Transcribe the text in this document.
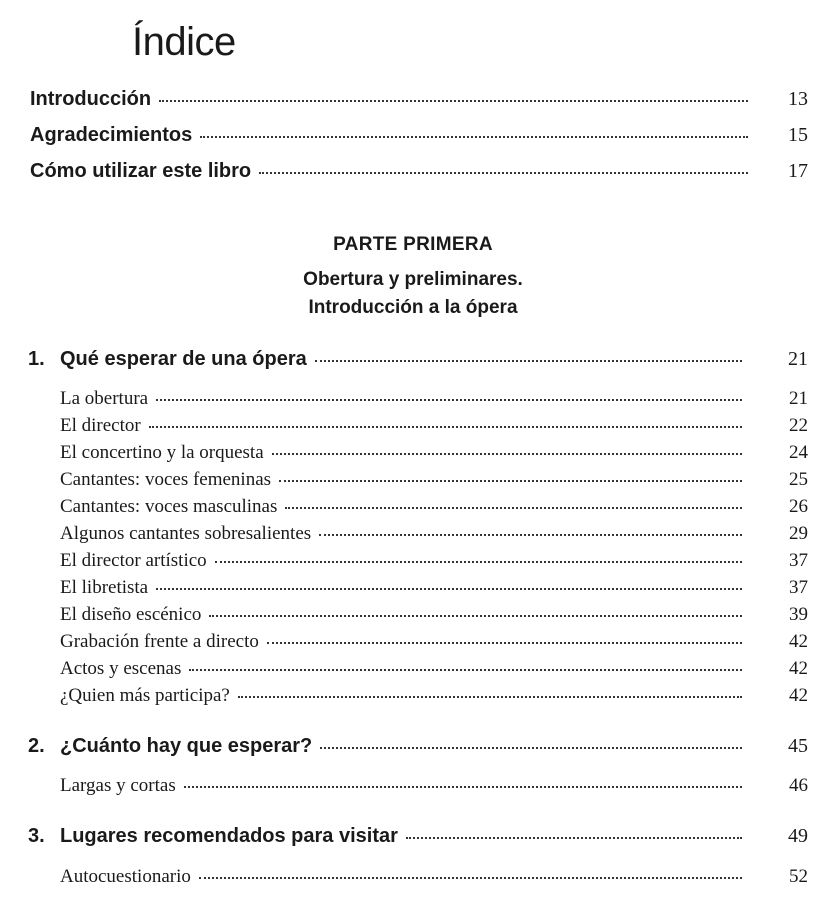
Índice
Introducción	13
Agradecimientos	15
Cómo utilizar este libro	17
PARTE PRIMERA
Obertura y preliminares.
Introducción a la ópera
1. Qué esperar de una ópera	21
La obertura	21
El director	22
El concertino y la orquesta	24
Cantantes: voces femeninas	25
Cantantes: voces masculinas	26
Algunos cantantes sobresalientes	29
El director artístico	37
El libretista	37
El diseño escénico	39
Grabación frente a directo	42
Actos y escenas	42
¿Quien más participa?	42
2. ¿Cuánto hay que esperar?	45
Largas y cortas	46
3. Lugares recomendados para visitar	49
Autocuestionario	52
